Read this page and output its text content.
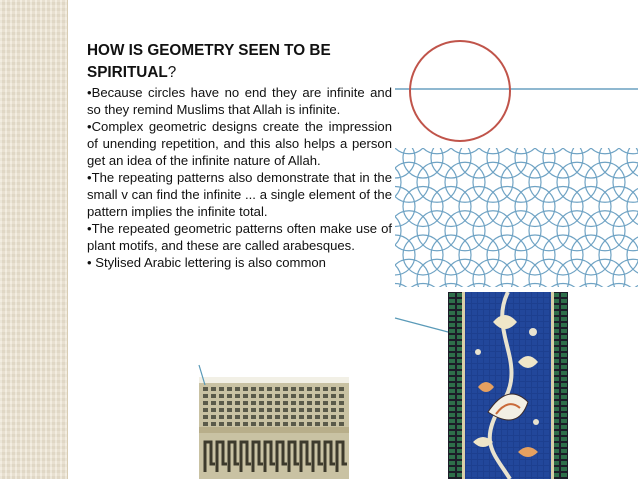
HOW IS GEOMETRY SEEN TO BE SPIRITUAL?

•Because circles have no end they are infinite and so they remind Muslims that Allah is infinite.

•Complex geometric designs create the impression of unending repetition, and this also helps a person get an idea of the infinite nature of Allah.

•The repeating patterns also demonstrate that in the small v can find the infinite ... a single element of the pattern implies the infinite total.

•The repeated geometric patterns often make use of plant motifs, and these are called arabesques.

• Stylised Arabic lettering is also common
